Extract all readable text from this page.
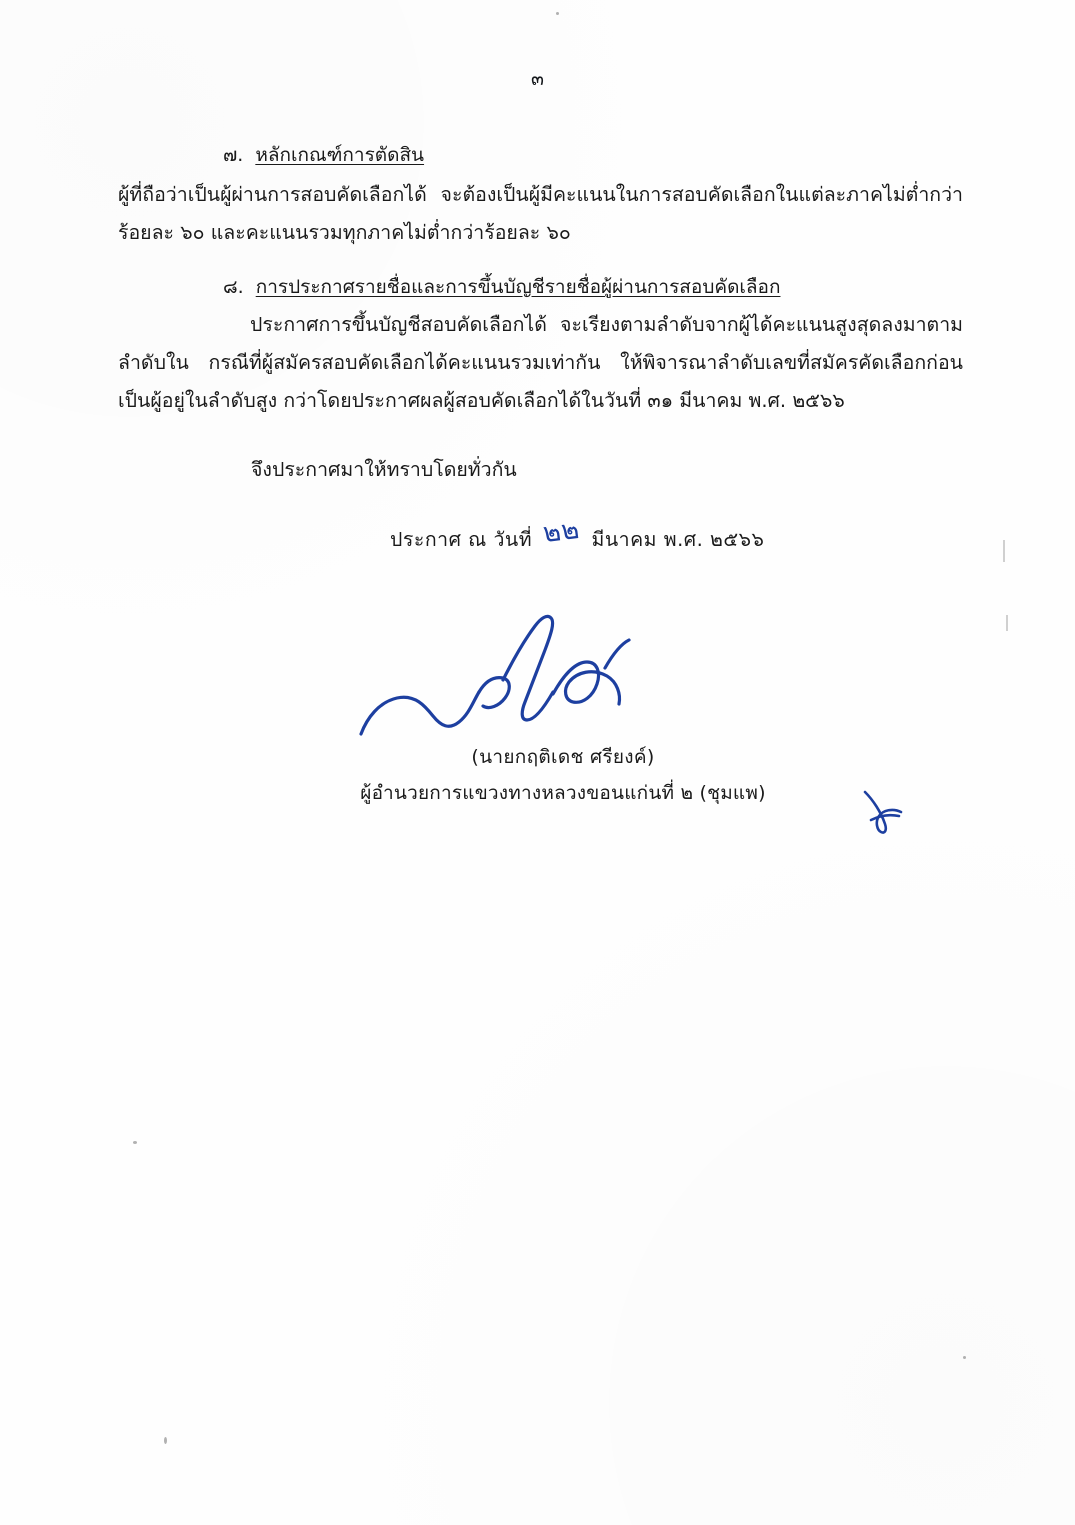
๓
๗. หลักเกณฑ์การตัดสิน

ผู้ที่ถือว่าเป็นผู้ผ่านการสอบคัดเลือกได้ จะต้องเป็นผู้มีคะแนนในการสอบคัดเลือกในแต่ละภาคไม่ต่ำกว่าร้อยละ ๖๐ และคะแนนรวมทุกภาคไม่ต่ำกว่าร้อยละ ๖๐

๘. การประกาศรายชื่อและการขึ้นบัญชีรายชื่อผู้ผ่านการสอบคัดเลือก

ประกาศการขึ้นบัญชีสอบคัดเลือกได้ จะเรียงตามลำดับจากผู้ได้คะแนนสูงสุดลงมาตามลำดับใน กรณีที่ผู้สมัครสอบคัดเลือกได้คะแนนรวมเท่ากัน ให้พิจารณาลำดับเลขที่สมัครคัดเลือกก่อนเป็นผู้อยู่ในลำดับสูง กว่าโดยประกาศผลผู้สอบคัดเลือกได้ในวันที่ ๓๑ มีนาคม พ.ศ. ๒๕๖๖

จึงประกาศมาให้ทราบโดยทั่วกัน
ประกาศ ณ วันที่ ๒๒ มีนาคม พ.ศ. ๒๕๖๖
(นายกฤติเดช ศรียงค์)
ผู้อำนวยการแขวงทางหลวงขอนแก่นที่ ๒ (ชุมแพ)
